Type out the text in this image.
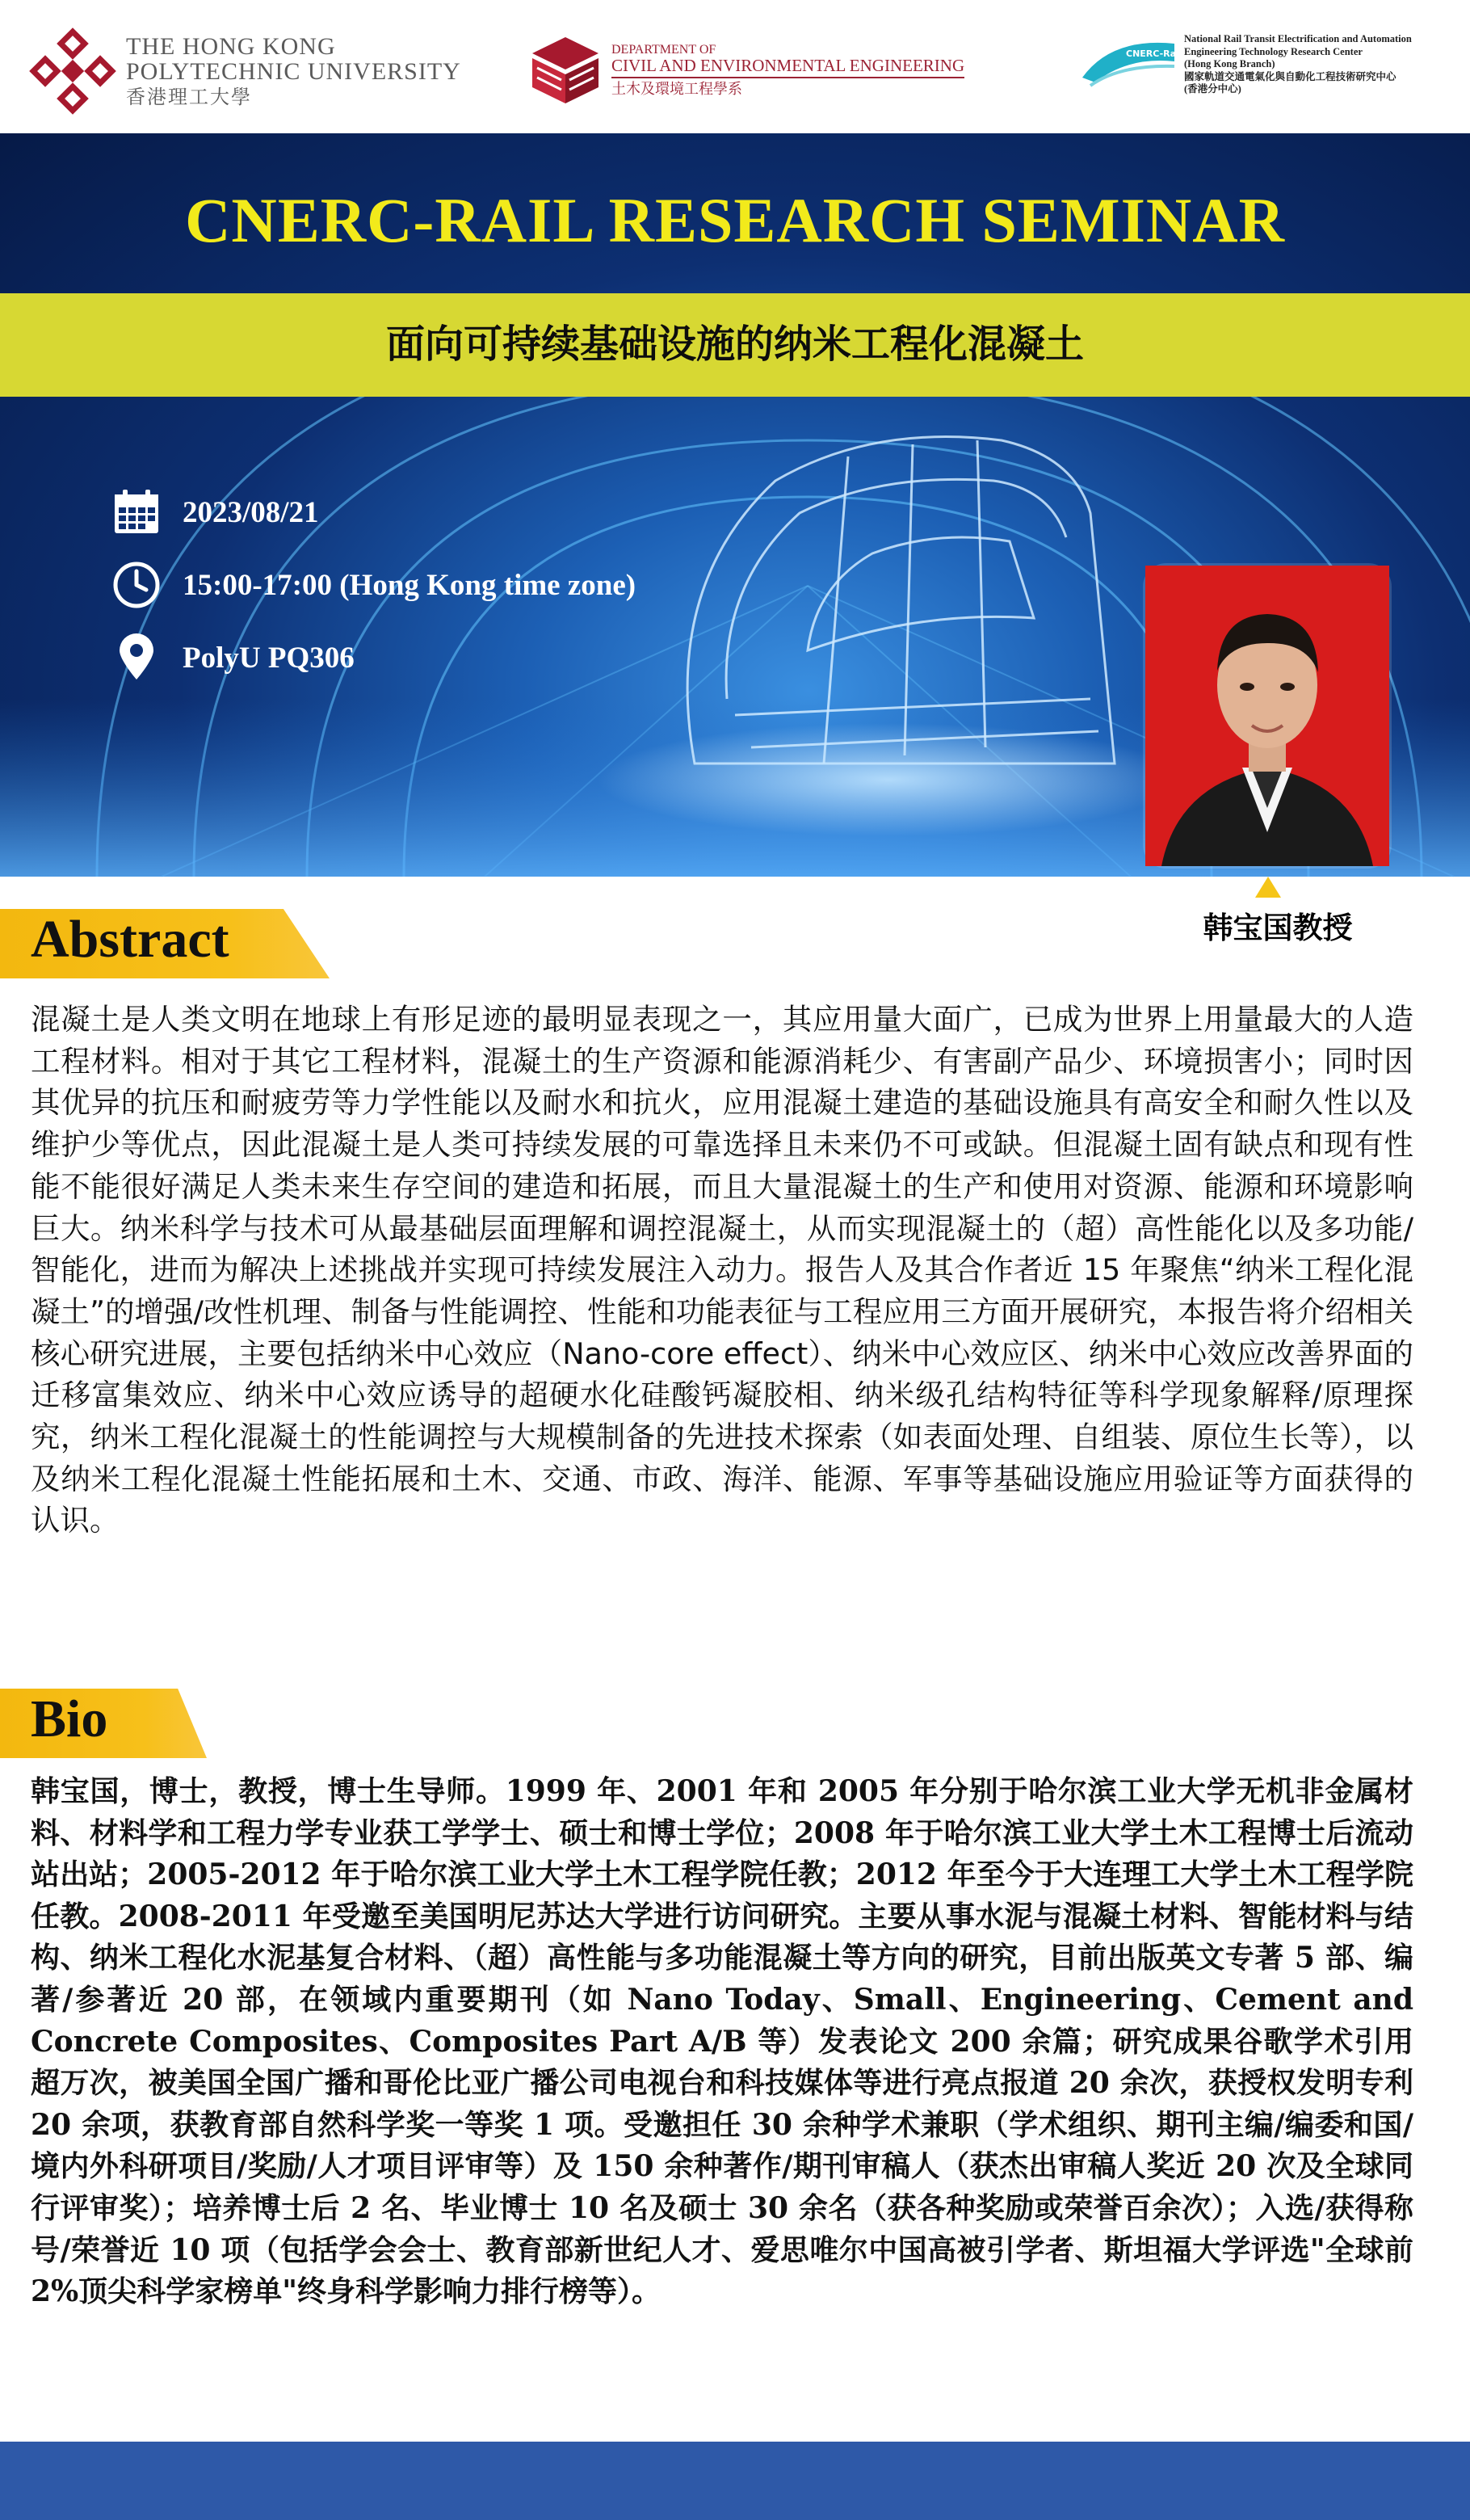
THE HONG KONG
POLYTECHNIC UNIVERSITY
香港理工大學
DEPARTMENT OF
CIVIL AND ENVIRONMENTAL ENGINEERING
土木及環境工程學系
CNERC-Rail
National Rail Transit Electrification and Automation
Engineering Technology Research Center
(Hong Kong Branch)
國家軌道交通電氣化與自動化工程技術研究中心
(香港分中心)
CNERC-RAIL RESEARCH SEMINAR
面向可持续基础设施的纳米工程化混凝土
2023/08/21
15:00-17:00 (Hong Kong time zone)
PolyU PQ306
韩宝国教授
Abstract
混凝土是人类文明在地球上有形足迹的最明显表现之一，其应用量大面广，已成为世界上用量最大的人造工程材料。相对于其它工程材料，混凝土的生产资源和能源消耗少、有害副产品少、环境损害小；同时因其优异的抗压和耐疲劳等力学性能以及耐水和抗火，应用混凝土建造的基础设施具有高安全和耐久性以及维护少等优点，因此混凝土是人类可持续发展的可靠选择且未来仍不可或缺。但混凝土固有缺点和现有性能不能很好满足人类未来生存空间的建造和拓展，而且大量混凝土的生产和使用对资源、能源和环境影响巨大。纳米科学与技术可从最基础层面理解和调控混凝土，从而实现混凝土的（超）高性能化以及多功能/智能化，进而为解决上述挑战并实现可持续发展注入动力。报告人及其合作者近 15 年聚焦“纳米工程化混凝土”的增强/改性机理、制备与性能调控、性能和功能表征与工程应用三方面开展研究，本报告将介绍相关核心研究进展，主要包括纳米中心效应（Nano-core effect）、纳米中心效应区、纳米中心效应改善界面的迁移富集效应、纳米中心效应诱导的超硬水化硅酸钙凝胶相、纳米级孔结构特征等科学现象解释/原理探究，纳米工程化混凝土的性能调控与大规模制备的先进技术探索（如表面处理、自组装、原位生长等），以及纳米工程化混凝土性能拓展和土木、交通、市政、海洋、能源、军事等基础设施应用验证等方面获得的认识。
Bio
韩宝国，博士，教授，博士生导师。1999 年、2001 年和 2005 年分别于哈尔滨工业大学无机非金属材料、材料学和工程力学专业获工学学士、硕士和博士学位；2008 年于哈尔滨工业大学土木工程博士后流动站出站；2005-2012 年于哈尔滨工业大学土木工程学院任教；2012 年至今于大连理工大学土木工程学院任教。2008-2011 年受邀至美国明尼苏达大学进行访问研究。主要从事水泥与混凝土材料、智能材料与结构、纳米工程化水泥基复合材料、（超）高性能与多功能混凝土等方向的研究，目前出版英文专著 5 部、编著/参著近 20 部，在领域内重要期刊（如 Nano Today、Small、Engineering、Cement and Concrete Composites、Composites Part A/B 等）发表论文 200 余篇；研究成果谷歌学术引用超万次，被美国全国广播和哥伦比亚广播公司电视台和科技媒体等进行亮点报道 20 余次，获授权发明专利 20 余项，获教育部自然科学奖一等奖 1 项。受邀担任 30 余种学术兼职（学术组织、期刊主编/编委和国/境内外科研项目/奖励/人才项目评审等）及 150 余种著作/期刊审稿人（获杰出审稿人奖近 20 次及全球同行评审奖）；培养博士后 2 名、毕业博士 10 名及硕士 30 余名（获各种奖励或荣誉百余次）；入选/获得称号/荣誉近 10 项（包括学会会士、教育部新世纪人才、爱思唯尔中国高被引学者、斯坦福大学评选"全球前 2%顶尖科学家榜单"终身科学影响力排行榜等）。
